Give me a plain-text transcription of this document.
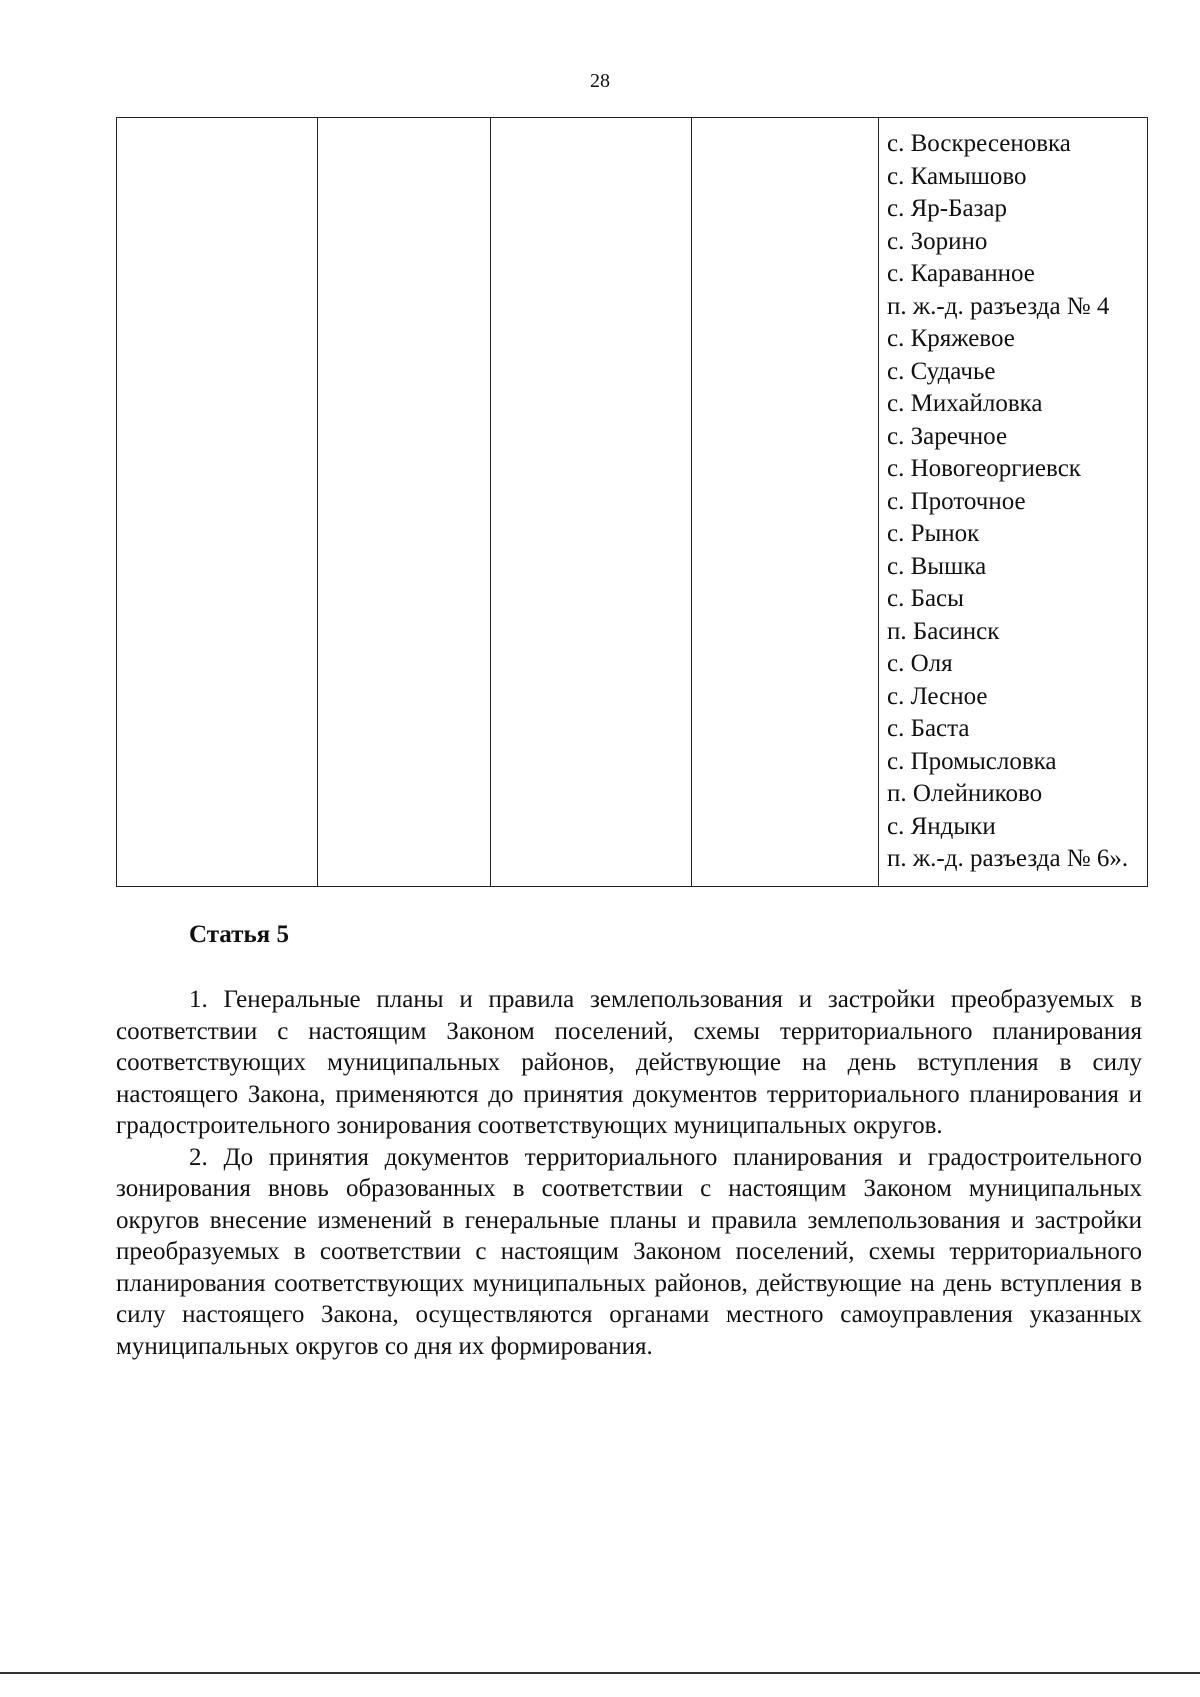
28

с. Воскресеновка
с. Камышово
с. Яр-Базар
с. Зорино
с. Караванное
п. ж.-д. разъезда № 4
с. Кряжевое
с. Судачье
с. Михайловка
с. Заречное
с. Новогеоргиевск
с. Проточное
с. Рынок
с. Вышка
с. Басы
п. Басинск
с. Оля
с. Лесное
с. Баста
с. Промысловка
п. Олейниково
с. Яндыки
п. ж.-д. разъезда № 6».
Статья 5

1. Генеральные планы и правила землепользования и застройки преобразуемых в соответствии с настоящим Законом поселений, схемы территориального планирования соответствующих муниципальных районов, действующие на день вступления в силу настоящего Закона, применяются до принятия документов территориального планирования и градостроительного зонирования соответствующих муниципальных округов.

2. До принятия документов территориального планирования и градостроительного зонирования вновь образованных в соответствии с настоящим Законом муниципальных округов внесение изменений в генеральные планы и правила землепользования и застройки преобразуемых в соответствии с настоящим Законом поселений, схемы территориального планирования соответствующих муниципальных районов, действующие на день вступления в силу настоящего Закона, осуществляются органами местного самоуправления указанных муниципальных округов со дня их формирования.
